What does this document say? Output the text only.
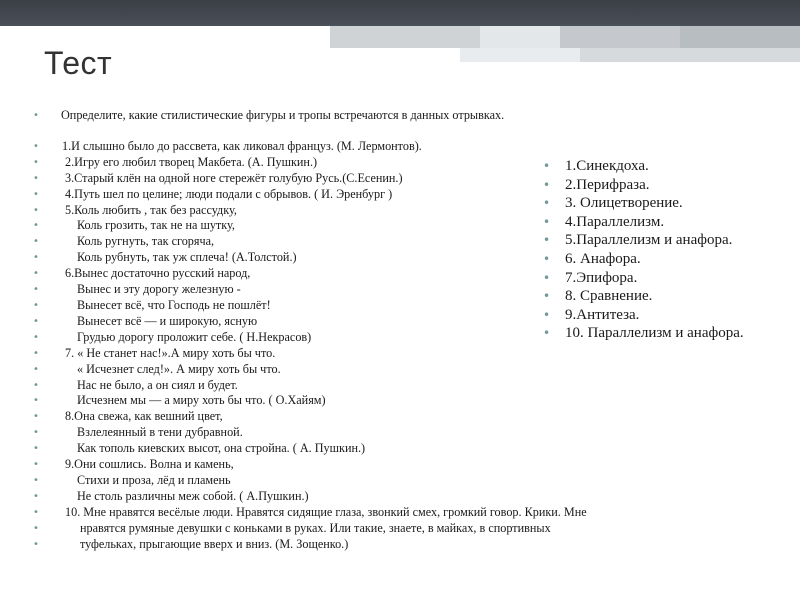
Тест
• Определите, какие стилистические фигуры и тропы встречаются в данных отрывках.
• 1.И слышно было до рассвета, как ликовал француз. (М. Лермонтов).
• 2.Игру его любил творец Макбета. (А. Пушкин.)
• 3.Старый клён на одной ноге стережёт голубую Русь.(С.Есенин.)
• 4.Путь шел по целине; люди подали с обрывов. ( И. Эренбург )
• 5.Коль любить , так без рассудку,
• Коль грозить, так не на шутку,
• Коль ругнуть, так сгоряча,
• Коль рубнуть, так уж сплеча! (А.Толстой.)
• 6.Вынес достаточно русский народ,
• Вынес и эту дорогу железную -
• Вынесет всё, что Господь не пошлёт!
• Вынесет всё — и широкую, ясную
• Грудью дорогу проложит себе. ( Н.Некрасов)
• 7. « Не станет нас!».А миру хоть бы что.
• « Исчезнет след!». А миру хоть бы что.
• Нас не было, а он сиял и будет.
• Исчезнем мы — а миру хоть бы что. ( О.Хайям)
• 8.Она свежа, как вешний цвет,
• Взлелеянный в тени дубравной.
• Как тополь киевских высот, она стройна. ( А. Пушкин.)
• 9.Они сошлись. Волна и камень,
• Стихи и проза, лёд и пламень
• Не столь различны меж собой. ( А.Пушкин.)
• 10. Мне нравятся весёлые люди. Нравятся сидящие глаза, звонкий смех, громкий говор. Крики. Мне
• нравятся румяные девушки с коньками в руках. Или такие, знаете, в майках, в спортивных
• туфельках, прыгающие вверх и вниз. (М. Зощенко.)
• 1.Синекдоха.
• 2.Перифраза.
• 3. Олицетворение.
• 4.Параллелизм.
• 5.Параллелизм и анафора.
• 6. Анафора.
• 7.Эпифора.
• 8. Сравнение.
• 9.Антитеза.
• 10. Параллелизм и анафора.
